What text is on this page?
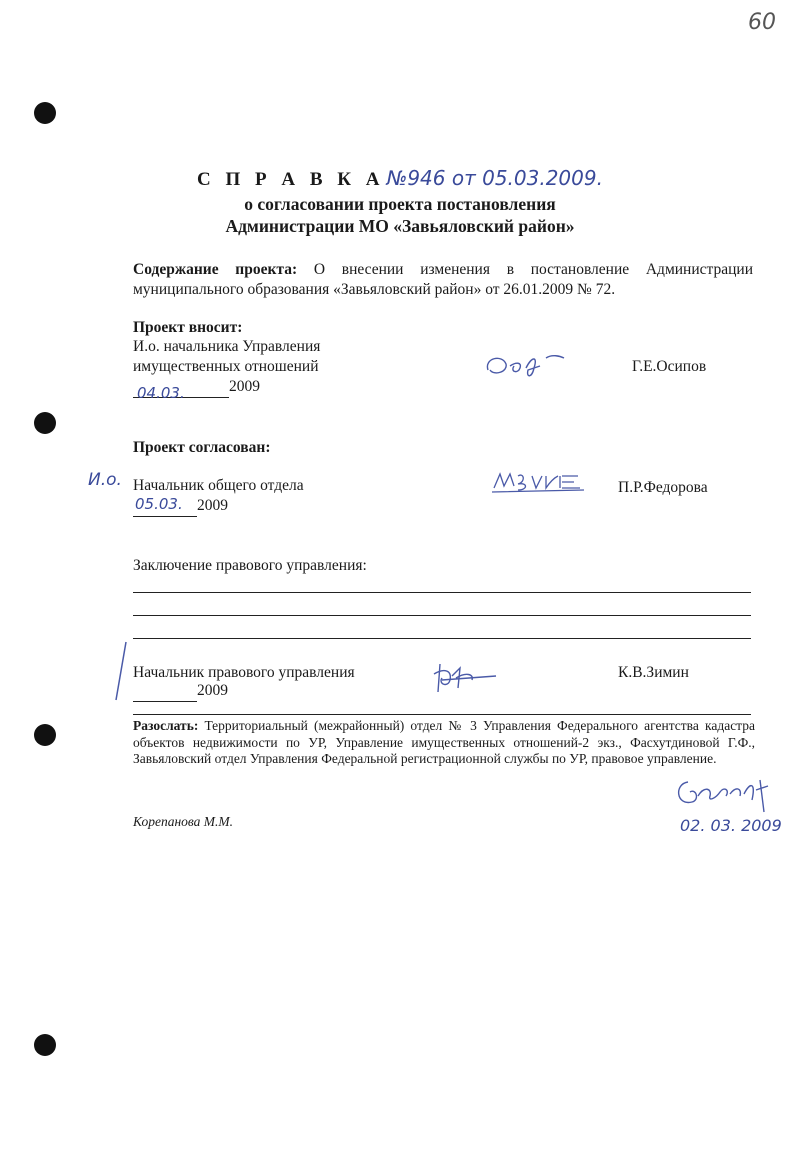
60
С П Р А В К А №946 от 05.03.2009.
о согласовании проекта постановления
Администрации МО «Завьяловский район»
Содержание проекта: О внесении изменения в постановление Администрации
муниципального образования «Завьяловский район» от 26.01.2009 № 72.
Проект вносит:
И.о. начальника Управления
имущественных отношений
04.03.	2009
Г.Е.Осипов
Проект согласован:
И.о. Начальник общего отдела
05.03. 2009
П.Р.Федорова
Заключение правового управления:
Начальник правового управления
2009
К.В.Зимин
Разослать: Территориальный (межрайонный) отдел № 3 Управления Федерального агентства кадастра
объектов недвижимости по УР, Управление имущественных отношений-2 экз., Фасхутдиновой Г.Ф.,
Завьяловский отдел Управления Федеральной регистрационной службы по УР, правовое управление.
02. 03. 2009
Корепанова М.М.
